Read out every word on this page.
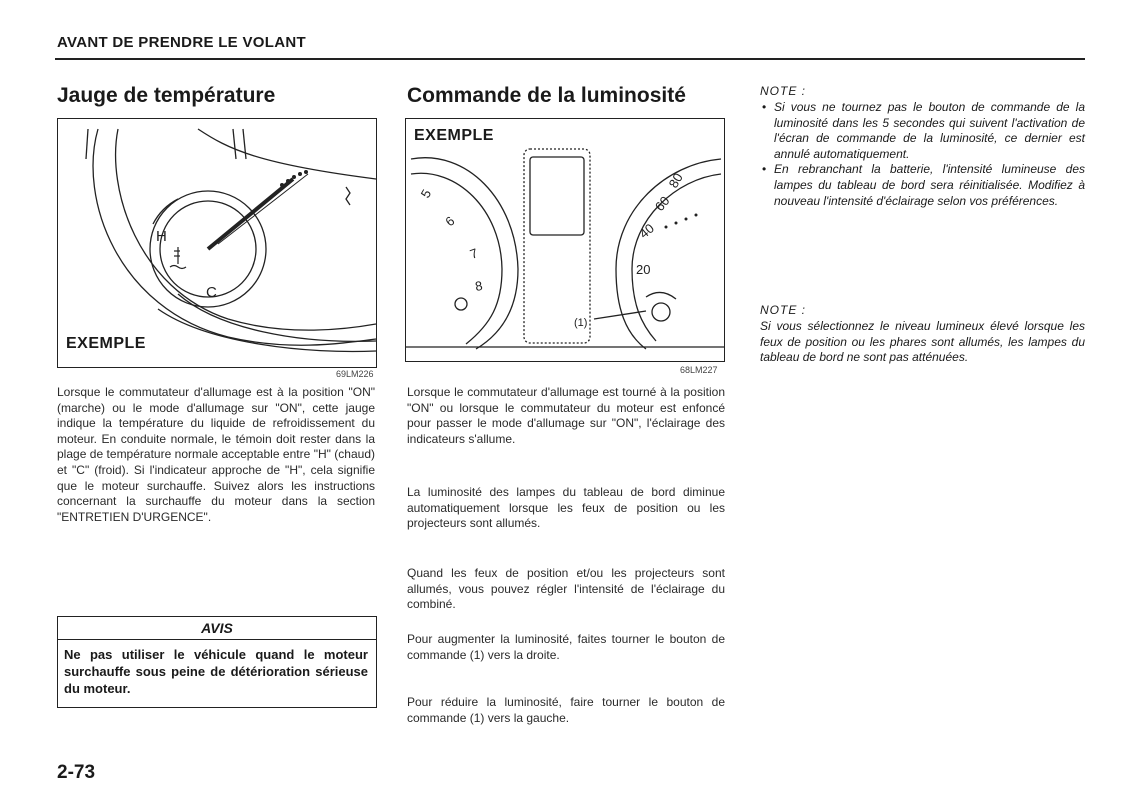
AVANT DE PRENDRE LE VOLANT
Jauge de température
H
C
EXEMPLE
69LM226
Lorsque le commutateur d'allumage est à la position "ON" (marche) ou le mode d'allumage sur "ON", cette jauge indique la température du liquide de refroidissement du moteur. En conduite normale, le témoin doit rester dans la plage de température normale acceptable entre "H" (chaud) et "C" (froid). Si l'indicateur approche de "H", cela signifie que le moteur surchauffe. Suivez alors les instructions concernant la surchauffe du moteur dans la section "ENTRETIEN D'URGENCE".
AVIS
Ne pas utiliser le véhicule quand le moteur surchauffe sous peine de détérioration sérieuse du moteur.
Commande de la luminosité
5
6
7
8
20
40
60
80
(1)
EXEMPLE
68LM227
Lorsque le commutateur d'allumage est tourné à la position "ON" ou lorsque le commutateur du moteur est enfoncé pour passer le mode d'allumage sur "ON", l'éclairage des indicateurs s'allume.
La luminosité des lampes du tableau de bord diminue automatiquement lorsque les feux de position ou les projecteurs sont allumés.
Quand les feux de position et/ou les projecteurs sont allumés, vous pouvez régler l'intensité de l'éclairage du combiné.
Pour augmenter la luminosité, faites tourner le bouton de commande (1) vers la droite.
Pour réduire la luminosité, faire tourner le bouton de commande (1) vers la gauche.
NOTE :
• Si vous ne tournez pas le bouton de commande de la luminosité dans les 5 secondes qui suivent l'activation de l'écran de commande de la luminosité, ce dernier est annulé automatiquement.
• En rebranchant la batterie, l'intensité lumineuse des lampes du tableau de bord sera réinitialisée. Modifiez à nouveau l'intensité d'éclairage selon vos préférences.
NOTE :
Si vous sélectionnez le niveau lumineux élevé lorsque les feux de position ou les phares sont allumés, les lampes du tableau de bord ne sont pas atténuées.
2-73
